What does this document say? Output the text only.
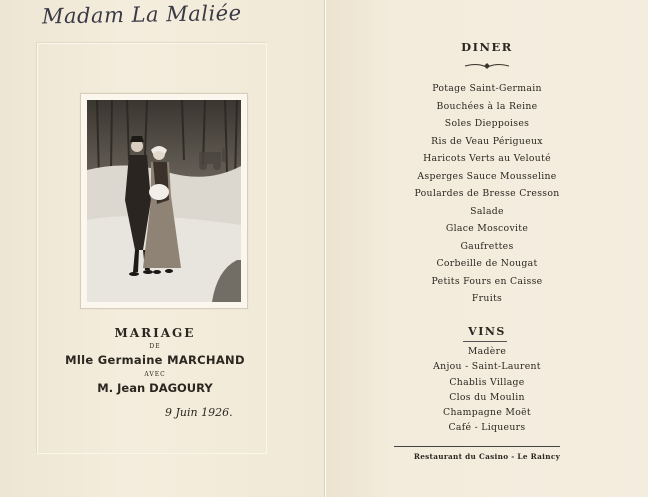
Madam La Maliée
MARIAGE
DE
Mlle Germaine MARCHAND
AVEC
M. Jean DAGOURY
9 Juin 1926.
DINER
Potage Saint-Germain
Bouchées à la Reine
Soles Dieppoises
Ris de Veau Périgueux
Haricots Verts au Velouté
Asperges Sauce Mousseline
Poulardes de Bresse Cresson
Salade
Glace Moscovite
Gaufrettes
Corbeille de Nougat
Petits Fours en Caisse
Fruits
VINS
Madère
Anjou - Saint-Laurent
Chablis Village
Clos du Moulin
Champagne Moët
Café - Liqueurs
Restaurant du Casino - Le Raincy
